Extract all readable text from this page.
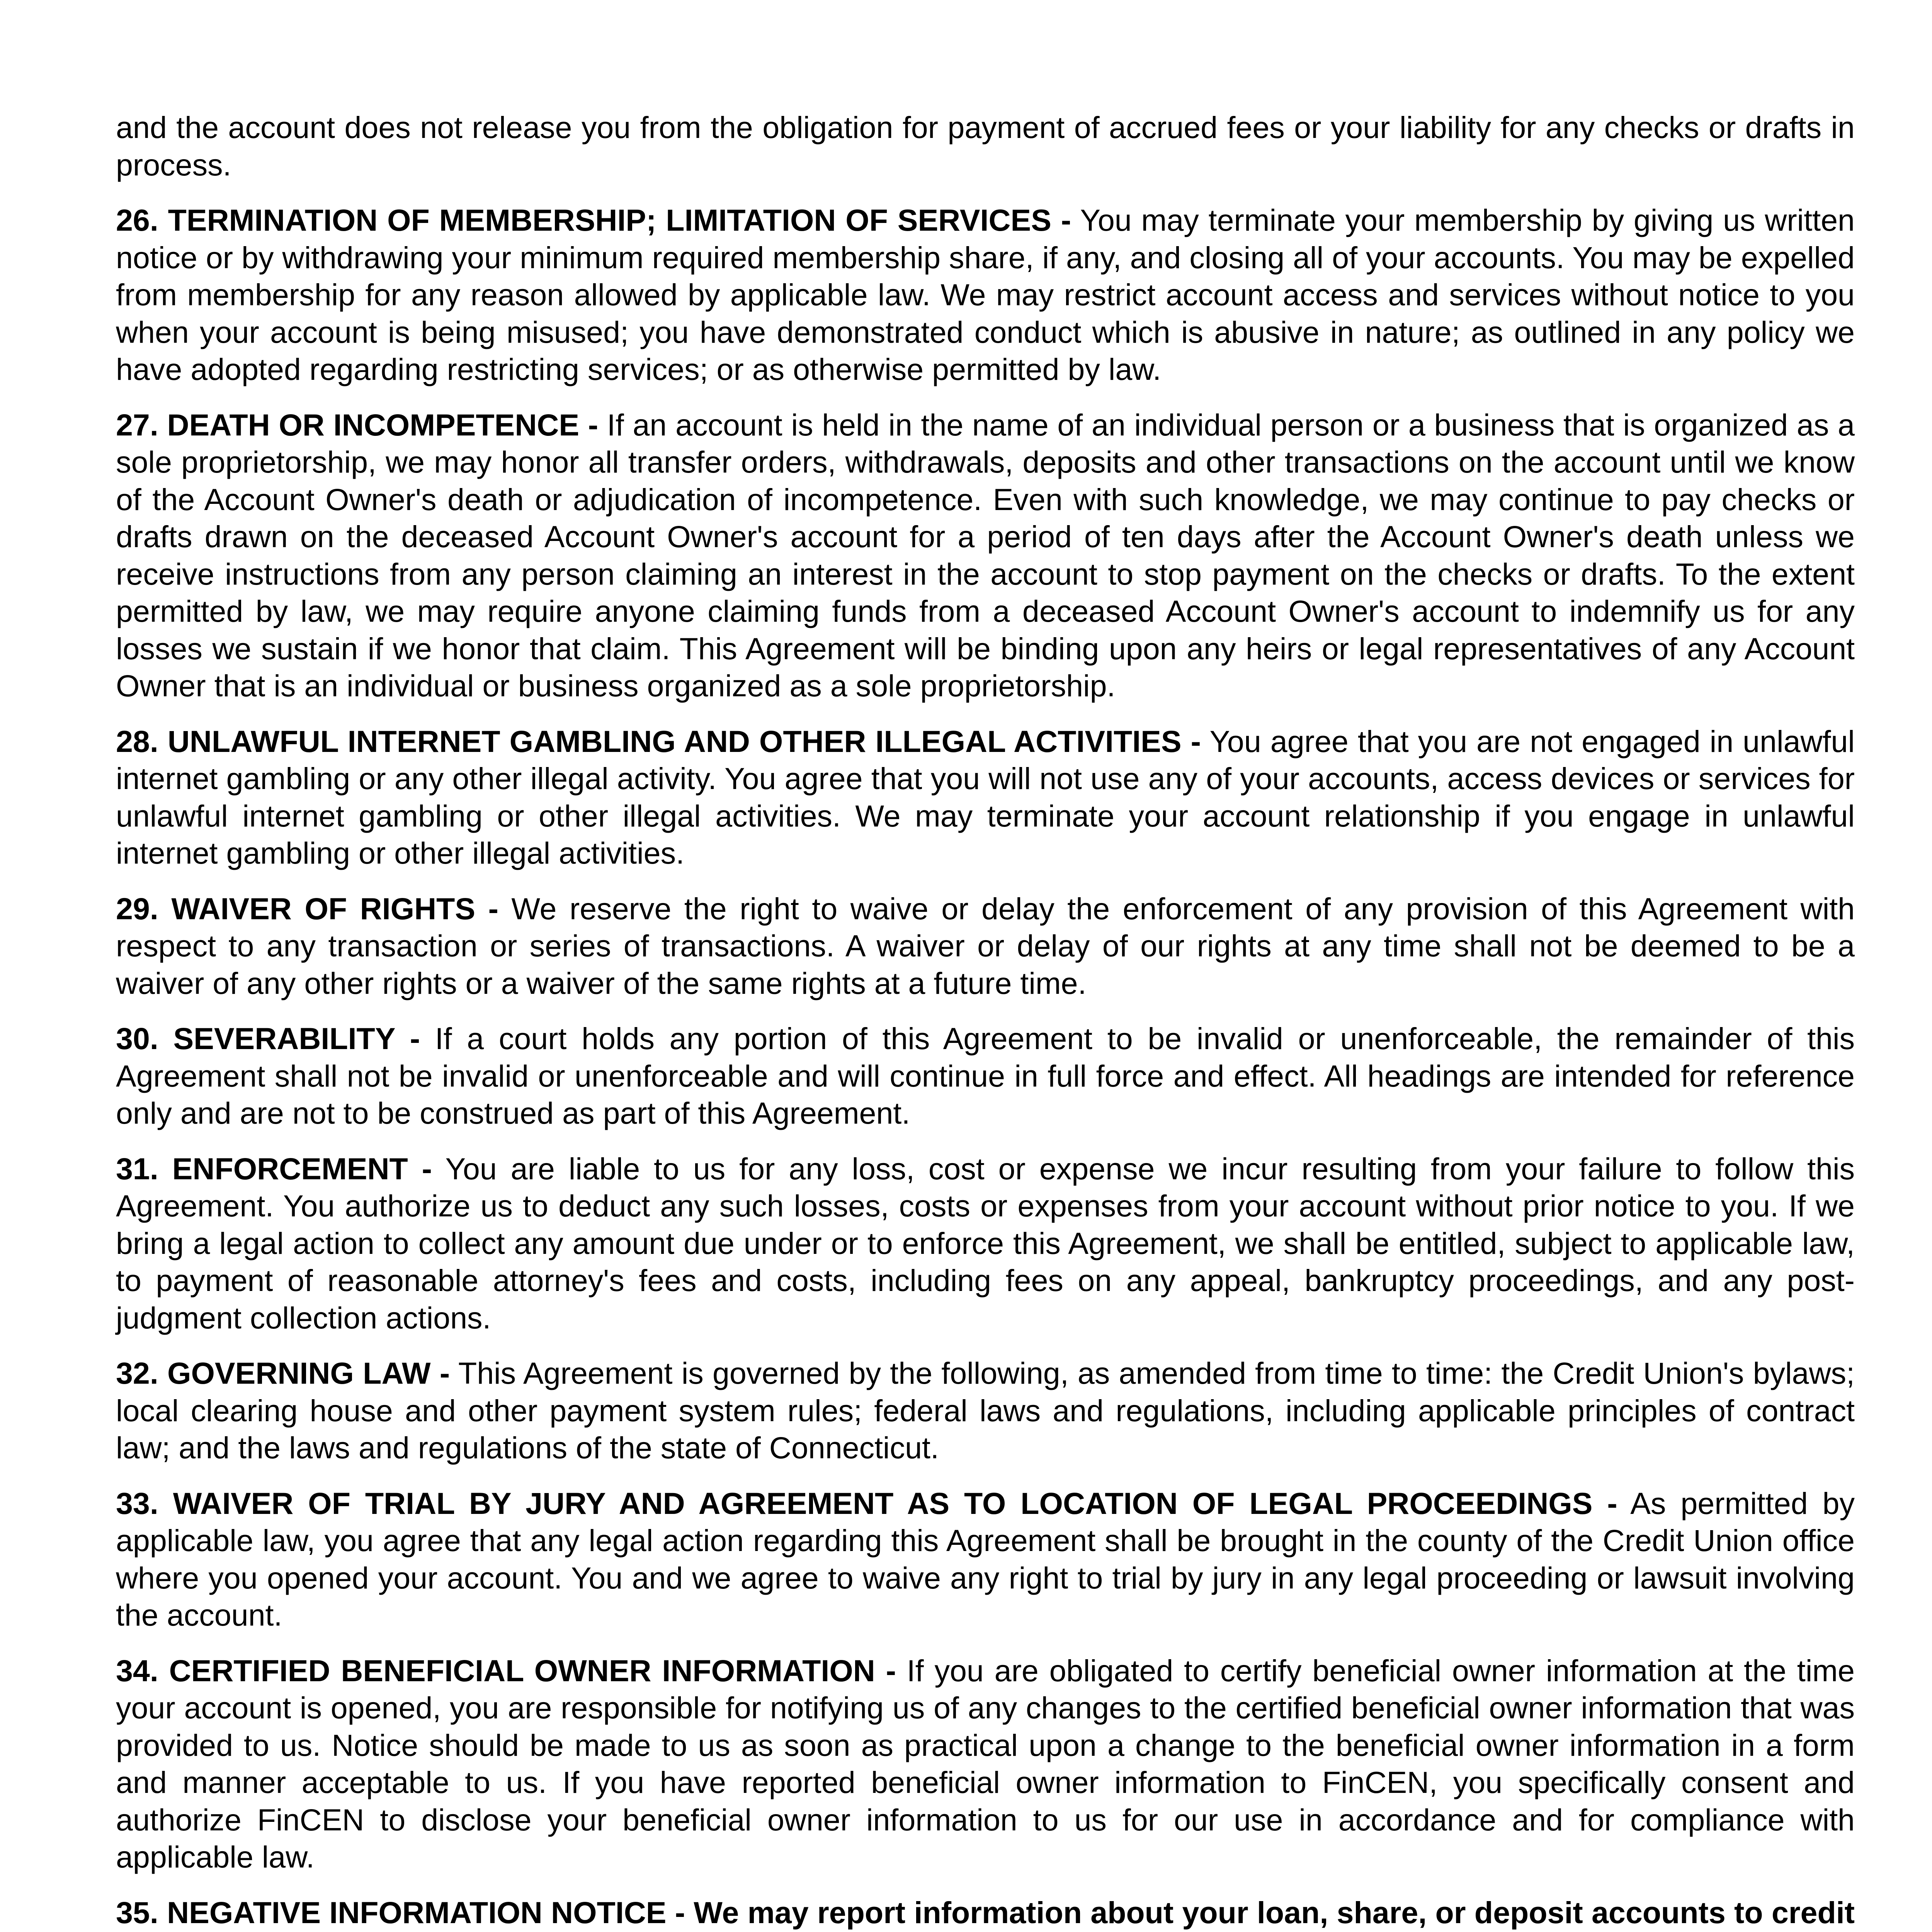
and the account does not release you from the obligation for payment of accrued fees or your liability for any checks or drafts in process.

26. TERMINATION OF MEMBERSHIP; LIMITATION OF SERVICES - You may terminate your membership by giving us written notice or by withdrawing your minimum required membership share, if any, and closing all of your accounts. You may be expelled from membership for any reason allowed by applicable law. We may restrict account access and services without notice to you when your account is being misused; you have demonstrated conduct which is abusive in nature; as outlined in any policy we have adopted regarding restricting services; or as otherwise permitted by law.

27. DEATH OR INCOMPETENCE - If an account is held in the name of an individual person or a business that is organized as a sole proprietorship, we may honor all transfer orders, withdrawals, deposits and other transactions on the account until we know of the Account Owner's death or adjudication of incompetence. Even with such knowledge, we may continue to pay checks or drafts drawn on the deceased Account Owner's account for a period of ten days after the Account Owner's death unless we receive instructions from any person claiming an interest in the account to stop payment on the checks or drafts. To the extent permitted by law, we may require anyone claiming funds from a deceased Account Owner's account to indemnify us for any losses we sustain if we honor that claim. This Agreement will be binding upon any heirs or legal representatives of any Account Owner that is an individual or business organized as a sole proprietorship.

28. UNLAWFUL INTERNET GAMBLING AND OTHER ILLEGAL ACTIVITIES - You agree that you are not engaged in unlawful internet gambling or any other illegal activity. You agree that you will not use any of your accounts, access devices or services for unlawful internet gambling or other illegal activities. We may terminate your account relationship if you engage in unlawful internet gambling or other illegal activities.

29. WAIVER OF RIGHTS - We reserve the right to waive or delay the enforcement of any provision of this Agreement with respect to any transaction or series of transactions. A waiver or delay of our rights at any time shall not be deemed to be a waiver of any other rights or a waiver of the same rights at a future time.

30. SEVERABILITY - If a court holds any portion of this Agreement to be invalid or unenforceable, the remainder of this Agreement shall not be invalid or unenforceable and will continue in full force and effect. All headings are intended for reference only and are not to be construed as part of this Agreement.

31. ENFORCEMENT - You are liable to us for any loss, cost or expense we incur resulting from your failure to follow this Agreement. You authorize us to deduct any such losses, costs or expenses from your account without prior notice to you. If we bring a legal action to collect any amount due under or to enforce this Agreement, we shall be entitled, subject to applicable law, to payment of reasonable attorney's fees and costs, including fees on any appeal, bankruptcy proceedings, and any post-judgment collection actions.

32. GOVERNING LAW - This Agreement is governed by the following, as amended from time to time: the Credit Union's bylaws; local clearing house and other payment system rules; federal laws and regulations, including applicable principles of contract law; and the laws and regulations of the state of Connecticut.

33. WAIVER OF TRIAL BY JURY AND AGREEMENT AS TO LOCATION OF LEGAL PROCEEDINGS - As permitted by applicable law, you agree that any legal action regarding this Agreement shall be brought in the county of the Credit Union office where you opened your account. You and we agree to waive any right to trial by jury in any legal proceeding or lawsuit involving the account.

34. CERTIFIED BENEFICIAL OWNER INFORMATION - If you are obligated to certify beneficial owner information at the time your account is opened, you are responsible for notifying us of any changes to the certified beneficial owner information that was provided to us. Notice should be made to us as soon as practical upon a change to the beneficial owner information in a form and manner acceptable to us. If you have reported beneficial owner information to FinCEN, you specifically consent and authorize FinCEN to disclose your beneficial owner information to us for our use in accordance and for compliance with applicable law.

35. NEGATIVE INFORMATION NOTICE - We may report information about your loan, share, or deposit accounts to credit
